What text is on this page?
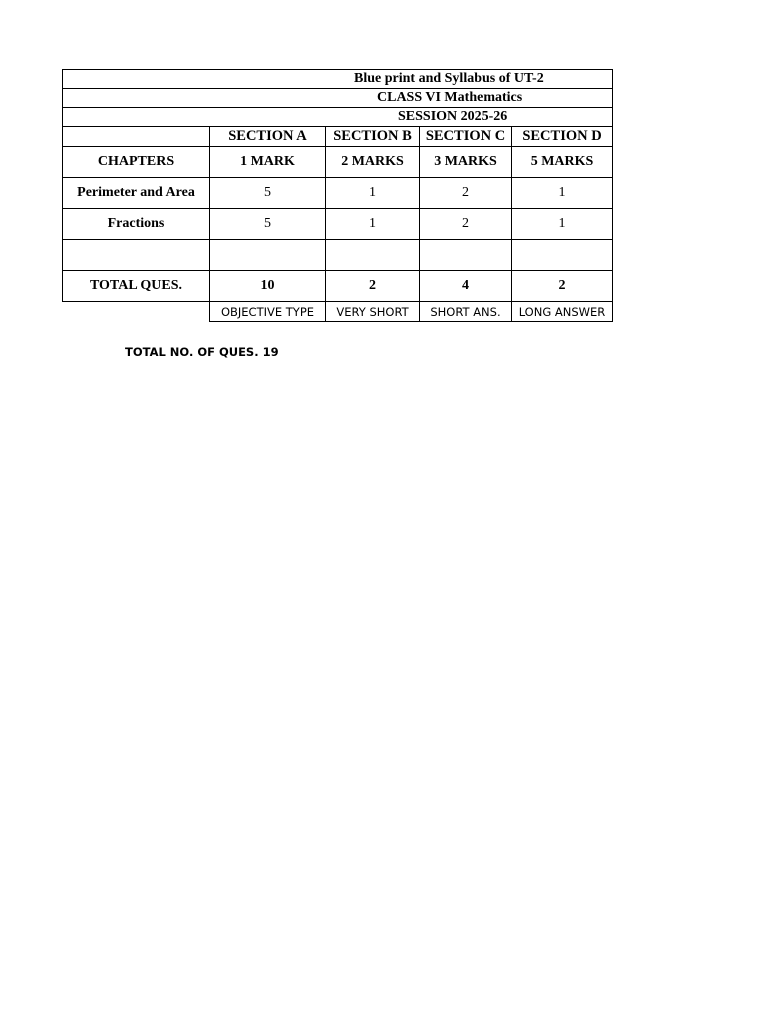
Blue print and Syllabus of UT-2				
CLASS VI Mathematics				
SESSION 2025-26				
	SECTION A	SECTION B	SECTION C	SECTION D
CHAPTERS	1 MARK	2 MARKS	3 MARKS	5 MARKS
Perimeter and Area	5	1	2	1
Fractions	5	1	2	1

TOTAL QUES.	10	2	4	2
	OBJECTIVE TYPE	VERY SHORT	SHORT ANS.	LONG ANSWER
TOTAL NO. OF QUES. 19
